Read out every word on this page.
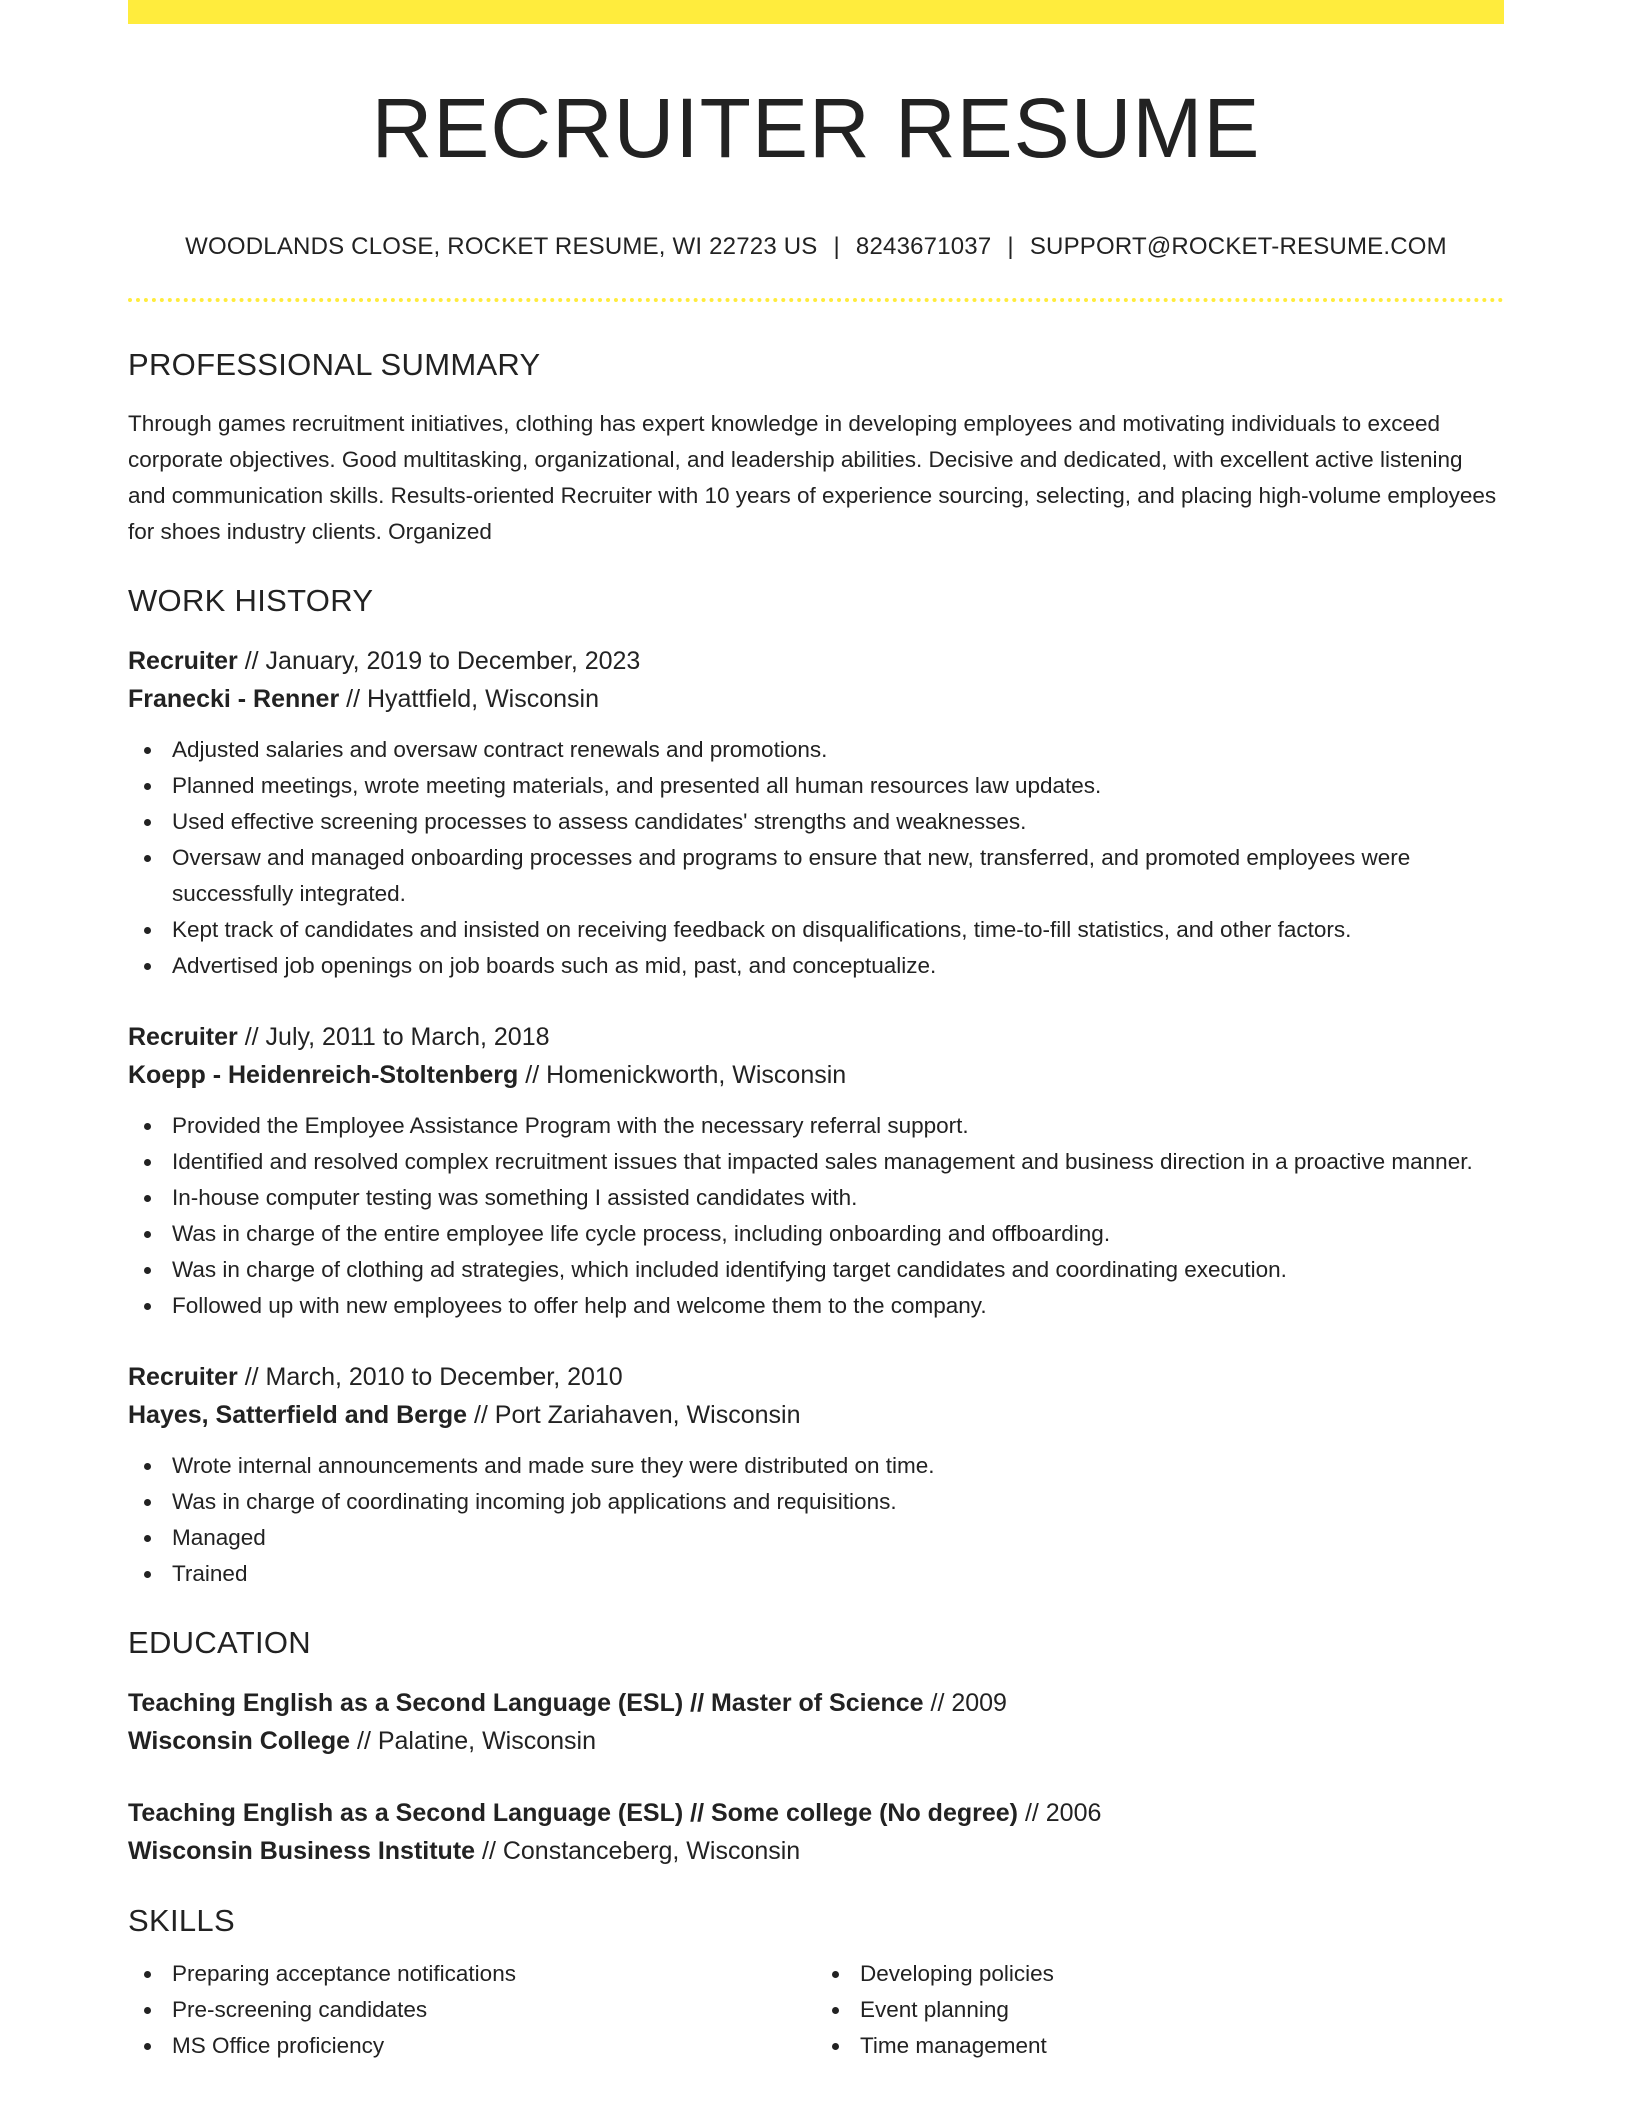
RECRUITER RESUME
WOODLANDS CLOSE, ROCKET RESUME, WI 22723 US | 8243671037 | SUPPORT@ROCKET-RESUME.COM
PROFESSIONAL SUMMARY
Through games recruitment initiatives, clothing has expert knowledge in developing employees and motivating individuals to exceed corporate objectives. Good multitasking, organizational, and leadership abilities. Decisive and dedicated, with excellent active listening and communication skills. Results-oriented Recruiter with 10 years of experience sourcing, selecting, and placing high-volume employees for shoes industry clients. Organized
WORK HISTORY
Recruiter // January, 2019 to December, 2023
Franecki - Renner // Hyattfield, Wisconsin
Adjusted salaries and oversaw contract renewals and promotions.
Planned meetings, wrote meeting materials, and presented all human resources law updates.
Used effective screening processes to assess candidates' strengths and weaknesses.
Oversaw and managed onboarding processes and programs to ensure that new, transferred, and promoted employees were successfully integrated.
Kept track of candidates and insisted on receiving feedback on disqualifications, time-to-fill statistics, and other factors.
Advertised job openings on job boards such as mid, past, and conceptualize.
Recruiter // July, 2011 to March, 2018
Koepp - Heidenreich-Stoltenberg // Homenickworth, Wisconsin
Provided the Employee Assistance Program with the necessary referral support.
Identified and resolved complex recruitment issues that impacted sales management and business direction in a proactive manner.
In-house computer testing was something I assisted candidates with.
Was in charge of the entire employee life cycle process, including onboarding and offboarding.
Was in charge of clothing ad strategies, which included identifying target candidates and coordinating execution.
Followed up with new employees to offer help and welcome them to the company.
Recruiter // March, 2010 to December, 2010
Hayes, Satterfield and Berge // Port Zariahaven, Wisconsin
Wrote internal announcements and made sure they were distributed on time.
Was in charge of coordinating incoming job applications and requisitions.
Managed
Trained
EDUCATION
Teaching English as a Second Language (ESL) // Master of Science // 2009
Wisconsin College // Palatine, Wisconsin
Teaching English as a Second Language (ESL) // Some college (No degree) // 2006
Wisconsin Business Institute // Constanceberg, Wisconsin
SKILLS
Preparing acceptance notifications
Pre-screening candidates
MS Office proficiency
Developing policies
Event planning
Time management
